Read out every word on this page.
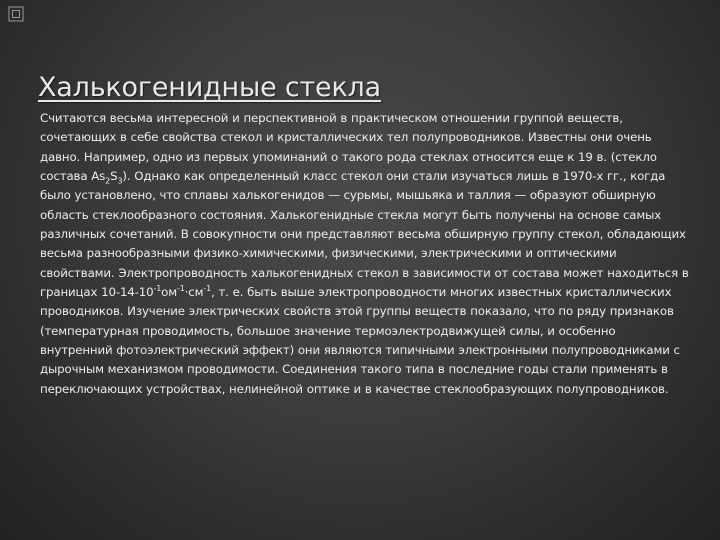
Халькогенидные стекла

Считаются весьма интересной и перспективной в практическом отношении группой веществ, сочетающих в себе свойства стекол и кристаллических тел полупроводников. Известны они очень давно. Например, одно из первых упоминаний о такого рода стеклах относится еще к 19 в. (стекло состава $As_2S_3$). Однако как определенный класс стекол они стали изучаться лишь в 1970-х гг., когда было установлено, что сплавы халькогенидов — сурьмы, мышьяка и таллия — образуют обширную область стеклообразного состояния. Халькогенидные стекла могут быть получены на основе самых различных сочетаний. В совокупности они представляют весьма обширную группу стекол, обладающих весьма разнообразными физико-химическими, физическими, электрическими и оптическими свойствами. Электропроводность халькогенидных стекол в зависимости от состава может находиться в границах $10-14-10^{-1}ом^{-1}\cdot см^{-1}$, т. е. быть выше электропроводности многих известных кристаллических проводников. Изучение электрических свойств этой группы веществ показало, что по ряду признаков (температурная проводимость, большое значение термоэлектродвижущей силы, и особенно внутренний фотоэлектрический эффект) они являются типичными электронными полупроводниками с дырочным механизмом проводимости. Соединения такого типа в последние годы стали применять в переключающих устройствах, нелинейной оптике и в качестве стеклообразующих полупроводников.
